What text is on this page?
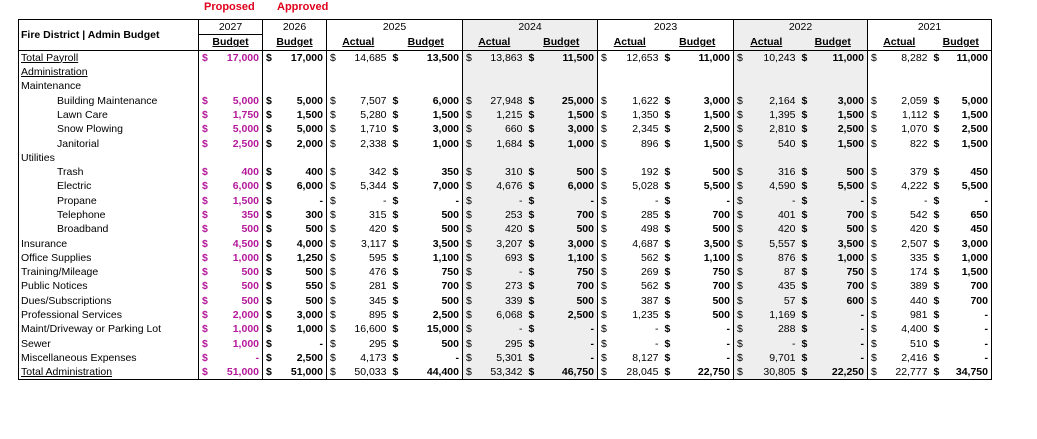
Proposed Approved
Fire District | Admin Budget	2027		2026		2025				2024				2023				2022				2021			
	Budget		Budget		Actual		Budget		Actual		Budget		Actual		Budget		Actual		Budget		Actual		Budget	
Total Payroll	$	17,000	$	17,000	$	14,685	$	13,500	$	13,863	$	11,500	$	12,653	$	11,000	$	10,243	$	11,000	$	8,282	$	11,000
Administration																								
Maintenance																								
Building Maintenance	$	5,000	$	5,000	$	7,507	$	6,000	$	27,948	$	25,000	$	1,622	$	3,000	$	2,164	$	3,000	$	2,059	$	5,000
Lawn Care	$	1,750	$	1,500	$	5,280	$	1,500	$	1,215	$	1,500	$	1,350	$	1,500	$	1,395	$	1,500	$	1,112	$	1,500
Snow Plowing	$	5,000	$	5,000	$	1,710	$	3,000	$	660	$	3,000	$	2,345	$	2,500	$	2,810	$	2,500	$	1,070	$	2,500
Janitorial	$	2,500	$	2,000	$	2,338	$	1,000	$	1,684	$	1,000	$	896	$	1,500	$	540	$	1,500	$	822	$	1,500
Utilities																								
Trash	$	400	$	400	$	342	$	350	$	310	$	500	$	192	$	500	$	316	$	500	$	379	$	450
Electric	$	6,000	$	6,000	$	5,344	$	7,000	$	4,676	$	6,000	$	5,028	$	5,500	$	4,590	$	5,500	$	4,222	$	5,500
Propane	$	1,500	$	-	$	-	$	-	$	-	$	-	$	-	$	-	$	-	$	-	$	-	$	-
Telephone	$	350	$	300	$	315	$	500	$	253	$	700	$	285	$	700	$	401	$	700	$	542	$	650
Broadband	$	500	$	500	$	420	$	500	$	420	$	500	$	498	$	500	$	420	$	500	$	420	$	450
Insurance	$	4,500	$	4,000	$	3,117	$	3,500	$	3,207	$	3,000	$	4,687	$	3,500	$	5,557	$	3,500	$	2,507	$	3,000
Office Supplies	$	1,000	$	1,250	$	595	$	1,100	$	693	$	1,100	$	562	$	1,100	$	876	$	1,000	$	335	$	1,000
Training/Mileage	$	500	$	500	$	476	$	750	$	-	$	750	$	269	$	750	$	87	$	750	$	174	$	1,500
Public Notices	$	500	$	550	$	281	$	700	$	273	$	700	$	562	$	700	$	435	$	700	$	389	$	700
Dues/Subscriptions	$	500	$	500	$	345	$	500	$	339	$	500	$	387	$	500	$	57	$	600	$	440	$	700
Professional Services	$	2,000	$	3,000	$	895	$	2,500	$	6,068	$	2,500	$	1,235	$	500	$	1,169	$	-	$	981	$	-
Maint/Driveway or Parking Lot	$	1,000	$	1,000	$	16,600	$	15,000	$	-	$	-	$	-	$	-	$	288	$	-	$	4,400	$	-
Sewer	$	1,000	$	-	$	295	$	500	$	295	$	-	$	-	$	-	$	-	$	-	$	510	$	-
Miscellaneous Expenses	$	-	$	2,500	$	4,173	$	-	$	5,301	$	-	$	8,127	$	-	$	9,701	$	-	$	2,416	$	-
Total Administration	$	51,000	$	51,000	$	50,033	$	44,400	$	53,342	$	46,750	$	28,045	$	22,750	$	30,805	$	22,250	$	22,777	$	34,750
